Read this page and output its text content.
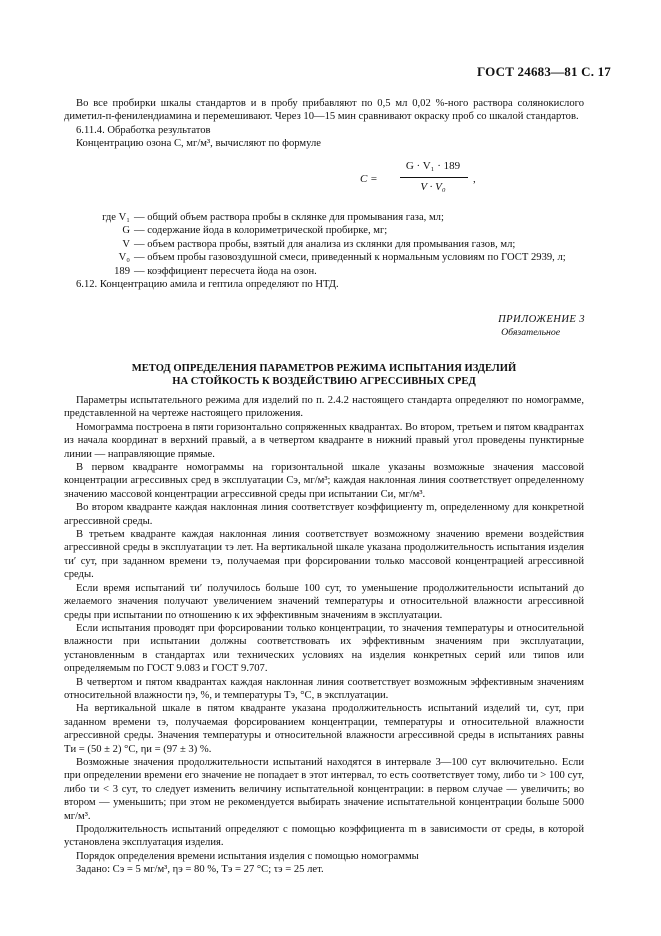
ГОСТ 24683—81 С. 17

Во все пробирки шкалы стандартов и в пробу прибавляют по 0,5 мл 0,02 %-ного раствора солянокислого диметил-п-фенилендиамина и перемешивают. Через 10—15 мин сравнивают окраску проб со шкалой стандартов.

6.11.4. Обработка результатов

Концентрацию озона C, мг/м³, вычисляют по формуле

C =
G · V₁ · 189
V · V₀
,
где V₁ — общий объем раствора пробы в склянке для промывания газа, мл;
G — содержание йода в колориметрической пробирке, мг;
V — объем раствора пробы, взятый для анализа из склянки для промывания газов, мл;
V₀ — объем пробы газовоздушной смеси, приведенный к нормальным условиям по ГОСТ 2939, л;
189 — коэффициент пересчета йода на озон.

6.12. Концентрацию амила и гептила определяют по НТД.

ПРИЛОЖЕНИЕ 3
Обязательное
МЕТОД ОПРЕДЕЛЕНИЯ ПАРАМЕТРОВ РЕЖИМА ИСПЫТАНИЯ ИЗДЕЛИЙ
НА СТОЙКОСТЬ К ВОЗДЕЙСТВИЮ АГРЕССИВНЫХ СРЕД

Параметры испытательного режима для изделий по п. 2.4.2 настоящего стандарта определяют по номограмме, представленной на чертеже настоящего приложения.

Номограмма построена в пяти горизонтально сопряженных квадрантах. Во втором, третьем и пятом квадрантах из начала координат в верхний правый, а в четвертом квадранте в нижний правый угол проведены пунктирные линии — направляющие прямые.

В первом квадранте номограммы на горизонтальной шкале указаны возможные значения массовой концентрации агрессивных сред в эксплуатации Cэ, мг/м³; каждая наклонная линия соответствует определенному значению массовой концентрации агрессивной среды при испытании Cи, мг/м³.

Во втором квадранте каждая наклонная линия соответствует коэффициенту m, определенному для конкретной агрессивной среды.

В третьем квадранте каждая наклонная линия соответствует возможному значению времени воздействия агрессивной среды в эксплуатации τэ лет. На вертикальной шкале указана продолжительность испытания изделия τи′ сут, при заданном времени τэ, получаемая при форсировании только массовой концентрацией агрессивной среды.

Если время испытаний τи′ получилось больше 100 сут, то уменьшение продолжительности испытаний до желаемого значения получают увеличением значений температуры и относительной влажности агрессивной среды при испытании по отношению к их эффективным значениям в эксплуатации.

Если испытания проводят при форсировании только концентрации, то значения температуры и относительной влажности при испытании должны соответствовать их эффективным значениям при эксплуатации, установленным в стандартах или технических условиях на изделия конкретных серий или типов или определяемым по ГОСТ 9.083 и ГОСТ 9.707.

В четвертом и пятом квадрантах каждая наклонная линия соответствует возможным эффективным значениям относительной влажности ηэ, %, и температуры Tэ, °С, в эксплуатации.

На вертикальной шкале в пятом квадранте указана продолжительность испытаний изделий τи, сут, при заданном времени τэ, получаемая форсированием концентрации, температуры и относительной влажности агрессивной среды. Значения температуры и относительной влажности агрессивной среды в испытаниях равны Tи = (50 ± 2) °С, ηи = (97 ± 3) %.

Возможные значения продолжительности испытаний находятся в интервале 3—100 сут включительно. Если при определении времени его значение не попадает в этот интервал, то есть соответствует тому, либо τи > 100 сут, либо τи < 3 сут, то следует изменить величину испытательной концентрации: в первом случае — увеличить; во втором — уменьшить; при этом не рекомендуется выбирать значение испытательной концентрации больше 5000 мг/м³.

Продолжительность испытаний определяют с помощью коэффициента m в зависимости от среды, в которой установлена эксплуатация изделия.

Порядок определения времени испытания изделия с помощью номограммы

Задано: Cэ = 5 мг/м³, ηэ = 80 %, Tэ = 27 °С; τэ = 25 лет.
